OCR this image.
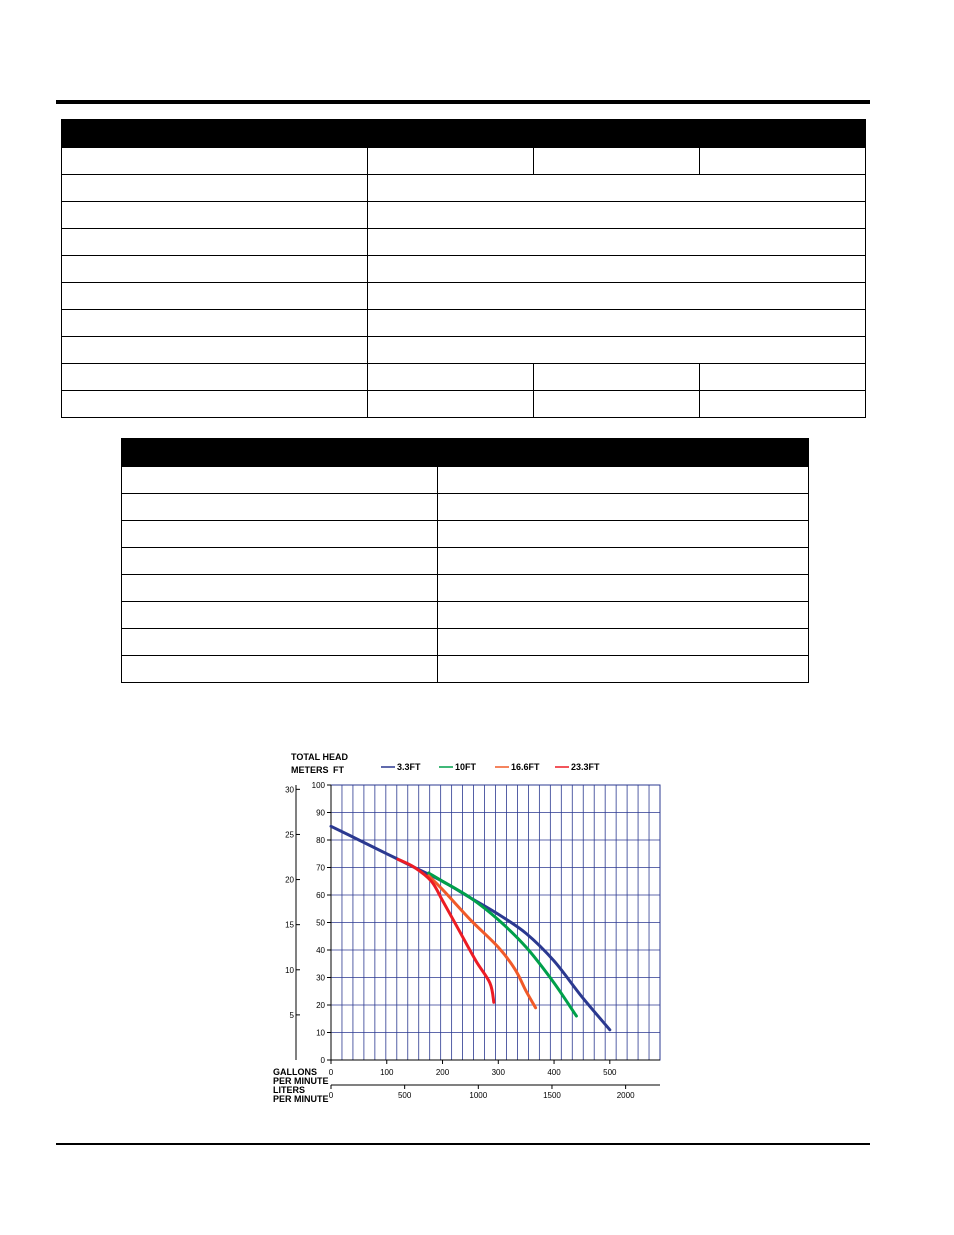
TOTAL HEAD
METERS FT	3.3FT	10FT	16.6FT	23.3FT
0
10
20
30
40
50
60
70
80
90
100
5
10
15
20
25
30
0	100	200	300	400	500
0	500	1000	1500	2000
GALLONS
PER MINUTE
LITERS
PER MINUTE
